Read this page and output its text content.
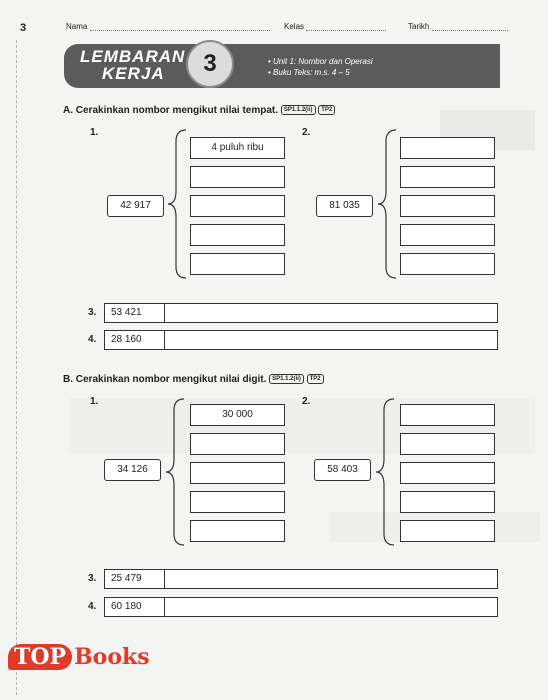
3	Nama	Kelas	Tarikh
LEMBARAN
KERJA	3	• Unit 1: Nombor dan Operasi
• Buku Teks: m.s. 4 – 5
A. Cerakinkan nombor mengikut nilai tempat. SP1.1.2(ii) TP2
1.
42 917
4 puluh ribu
2.
81 035
3.	53 421
4.	28 160
B. Cerakinkan nombor mengikut nilai digit. SP1.1.2(ii) TP2
1.
34 126
30 000
2.
58 403
3.	25 479
4.	60 180
TOP Books
